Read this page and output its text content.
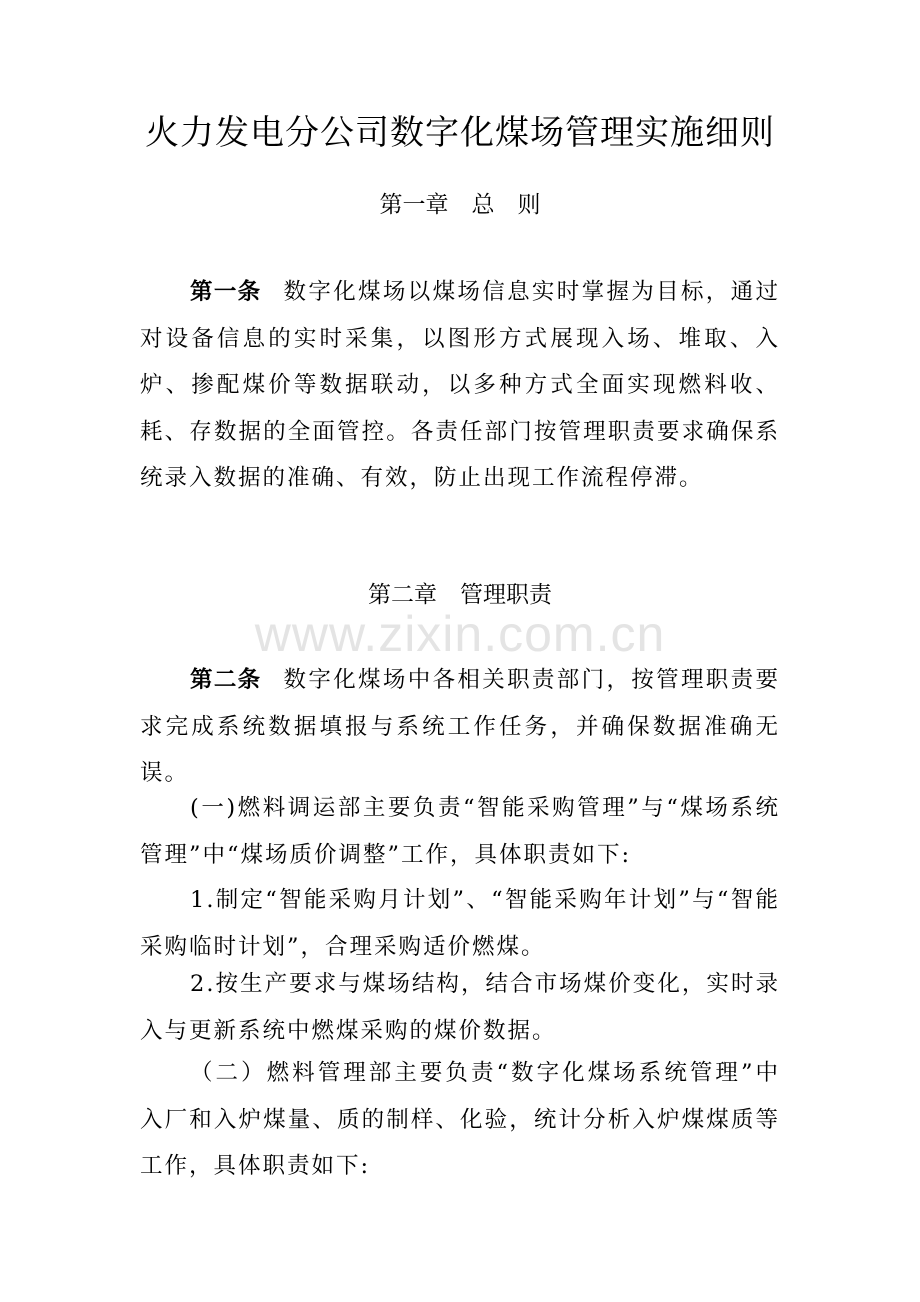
火力发电分公司数字化煤场管理实施细则
第一章　总　则

第一条 数字化煤场以煤场信息实时掌握为目标，通过对设备信息的实时采集，以图形方式展现入场、堆取、入炉、掺配煤价等数据联动，以多种方式全面实现燃料收、耗、存数据的全面管控。各责任部门按管理职责要求确保系统录入数据的准确、有效，防止出现工作流程停滞。

第二章　管理职责
www.zixin.com.cn

第二条 数字化煤场中各相关职责部门，按管理职责要求完成系统数据填报与系统工作任务，并确保数据准确无误。

(一)燃料调运部主要负责“智能采购管理”与“煤场系统管理”中“煤场质价调整”工作，具体职责如下:

1.制定“智能采购月计划”、“智能采购年计划”与“智能采购临时计划”，合理采购适价燃煤。

2.按生产要求与煤场结构，结合市场煤价变化，实时录入与更新系统中燃煤采购的煤价数据。

（二）燃料管理部主要负责“数字化煤场系统管理”中入厂和入炉煤量、质的制样、化验，统计分析入炉煤煤质等工作，具体职责如下:
